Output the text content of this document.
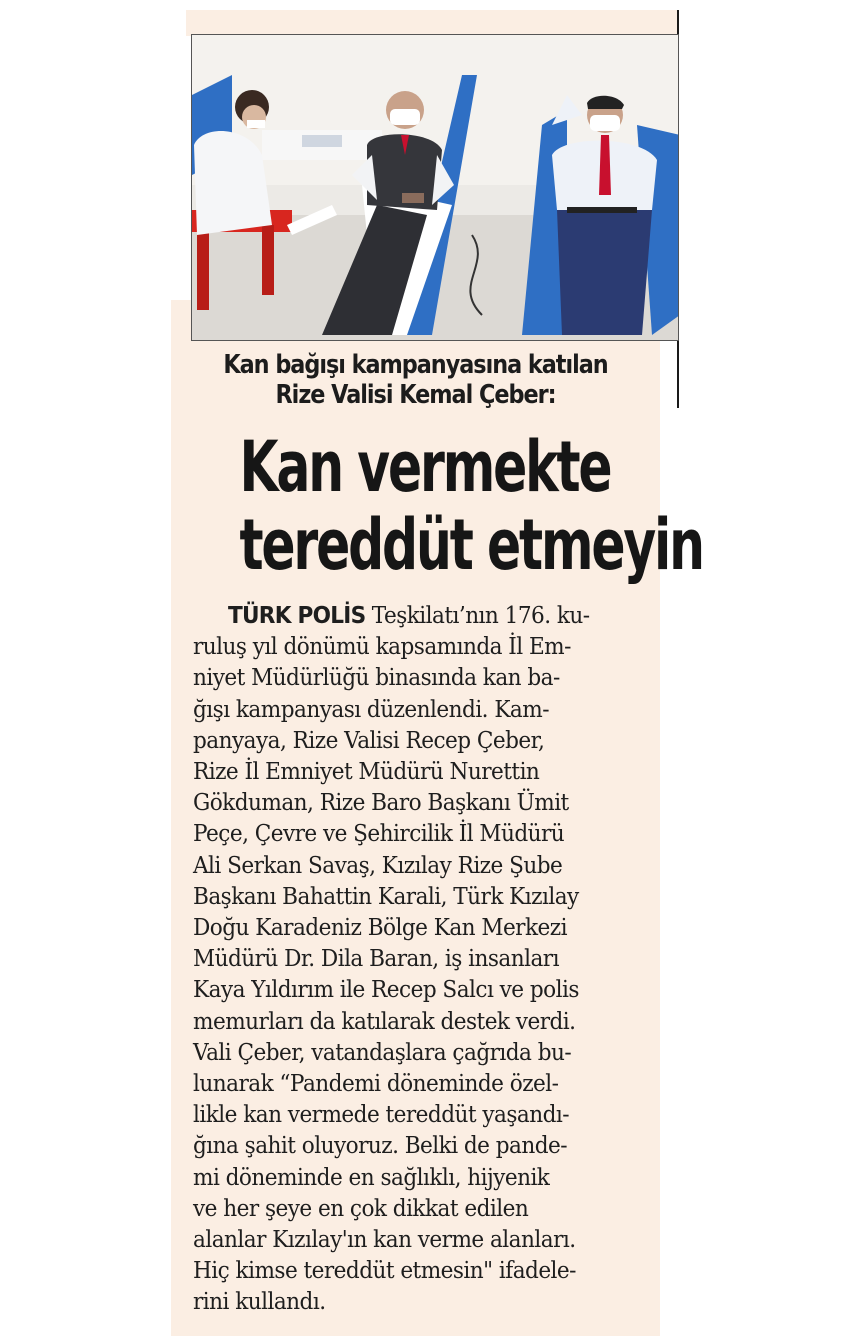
Kan bağışı kampanyasına katılan
Rize Valisi Kemal Çeber:
Kan vermekte
tereddüt etmeyin
TÜRK POLİS Teşkilatı’nın 176. ku-
ruluş yıl dönümü kapsamında İl Em-
niyet Müdürlüğü binasında kan ba-
ğışı kampanyası düzenlendi. Kam-
panyaya, Rize Valisi Recep Çeber,
Rize İl Emniyet Müdürü Nurettin
Gökduman, Rize Baro Başkanı Ümit
Peçe, Çevre ve Şehircilik İl Müdürü
Ali Serkan Savaş, Kızılay Rize Şube
Başkanı Bahattin Karali, Türk Kızılay
Doğu Karadeniz Bölge Kan Merkezi
Müdürü Dr. Dila Baran, iş insanları
Kaya Yıldırım ile Recep Salcı ve polis
memurları da katılarak destek verdi.
Vali Çeber, vatandaşlara çağrıda bu-
lunarak “Pandemi döneminde özel-
likle kan vermede tereddüt yaşandı-
ğına şahit oluyoruz. Belki de pande-
mi döneminde en sağlıklı, hijyenik
ve her şeye en çok dikkat edilen
alanlar Kızılay'ın kan verme alanları.
Hiç kimse tereddüt etmesin" ifadele-
rini kullandı.
